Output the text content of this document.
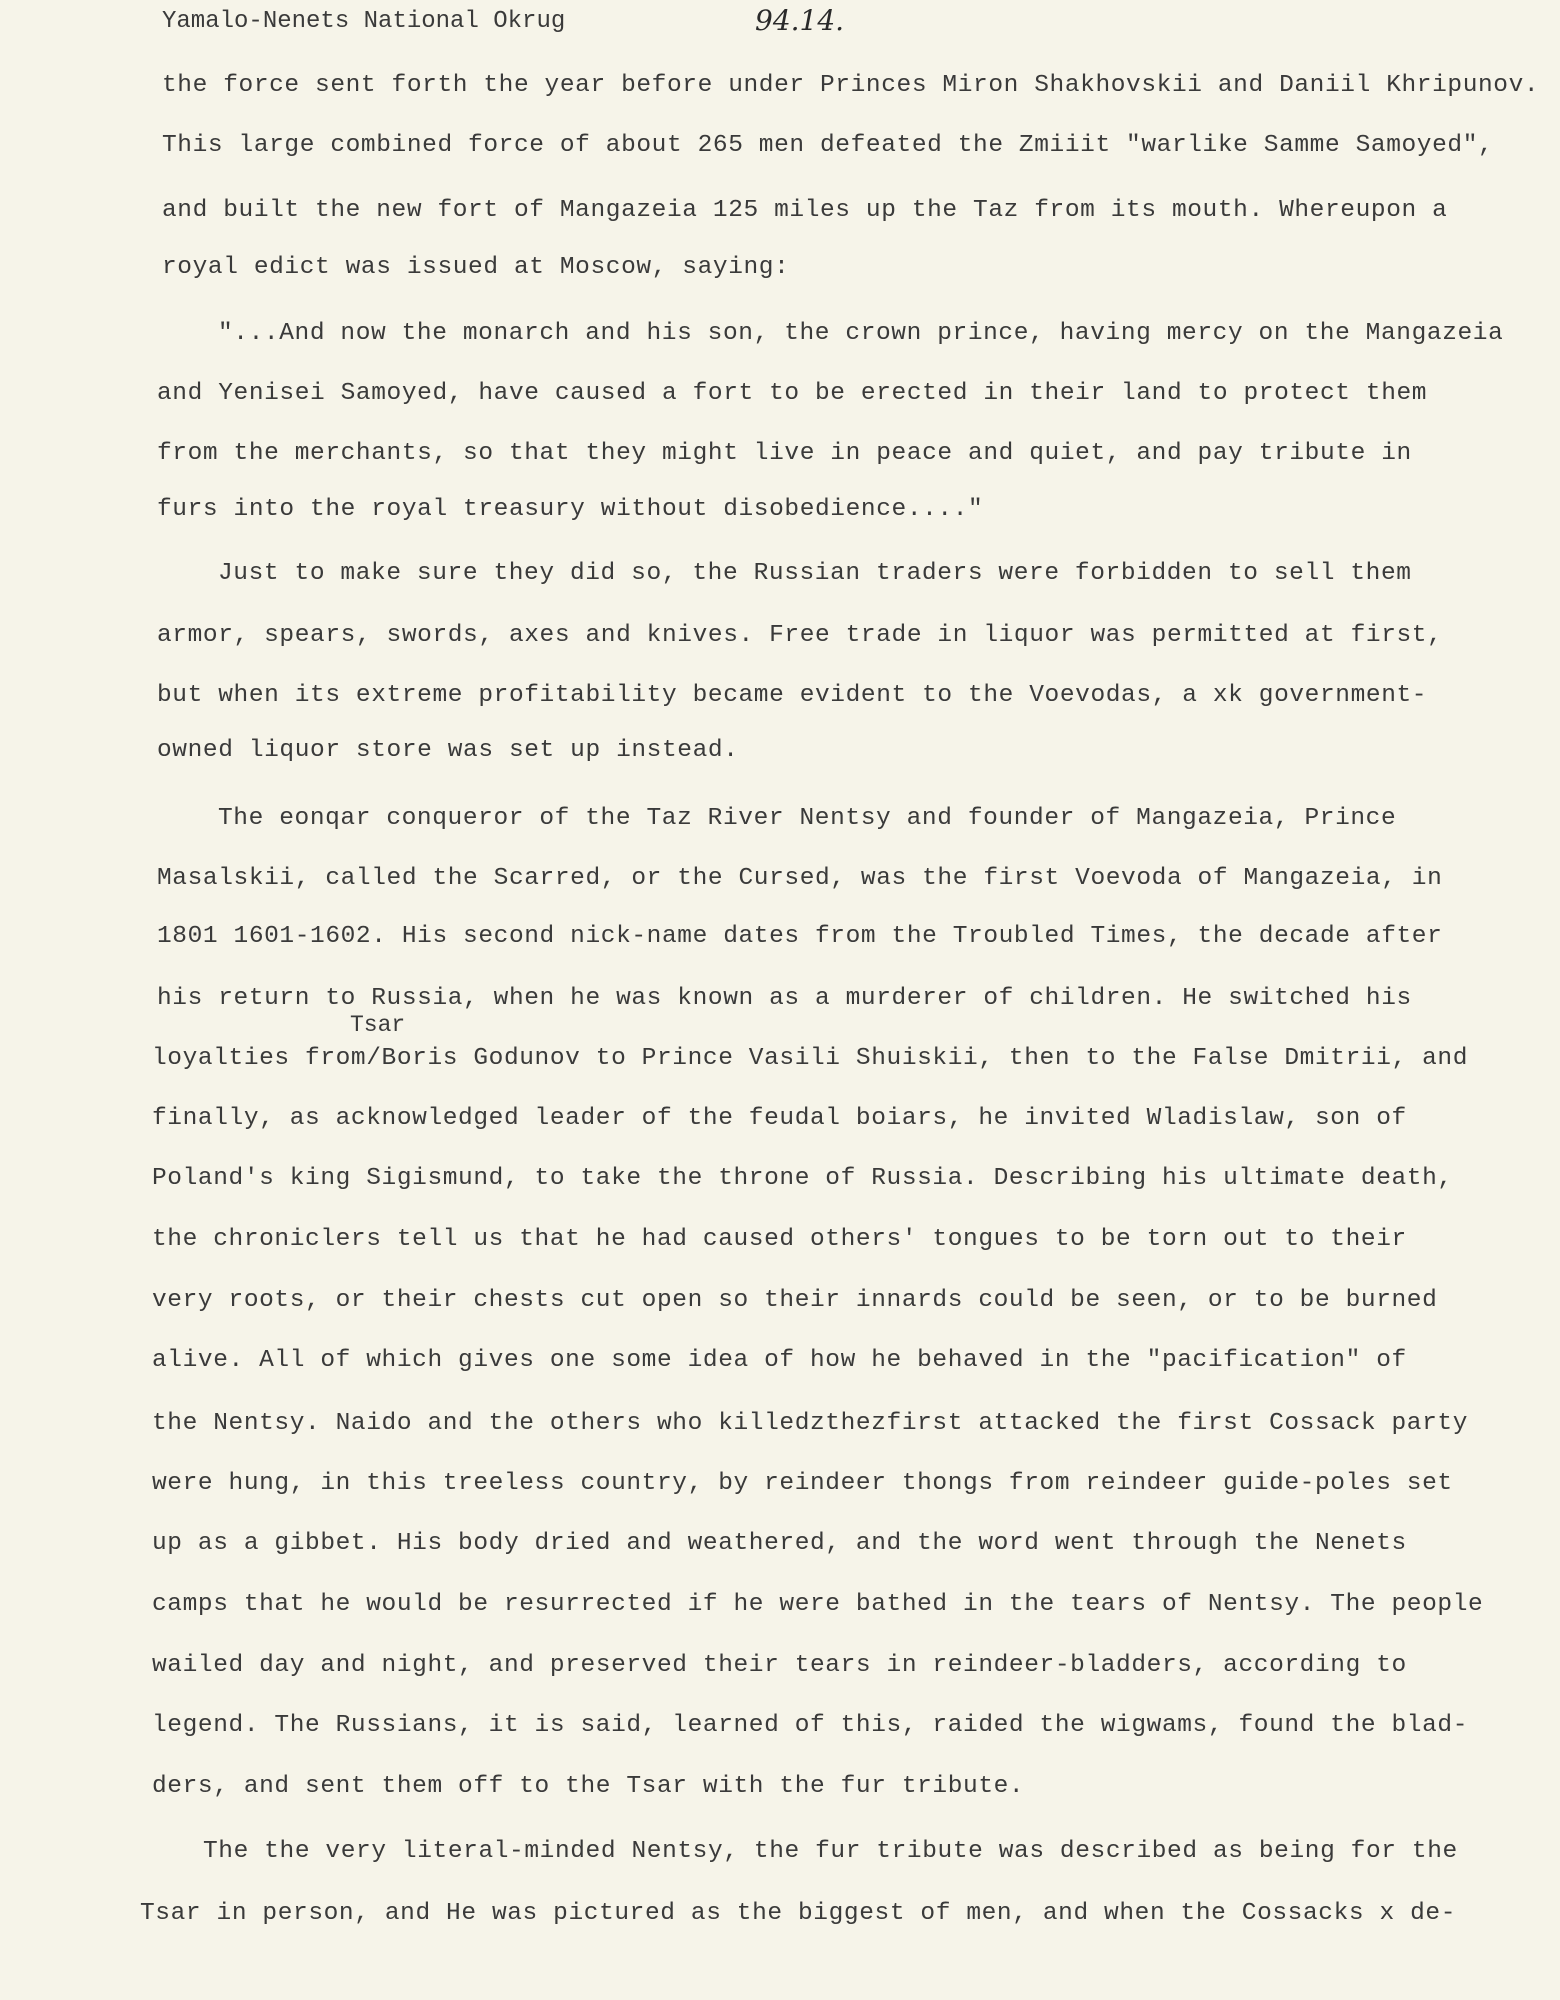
Yamalo-Nenets National Okrug	94.14.
the force sent forth the year before under Princes Miron Shakhovskii and Daniil Khripunov.
This large combined force of about 265 men defeated the Zmiiit "warlike Samme Samoyed",
and built the new fort of Mangazeia 125 miles up the Taz from its mouth. Whereupon a
royal edict was issued at Moscow, saying:
"...And now the monarch and his son, the crown prince, having mercy on the Mangazeia
and Yenisei Samoyed, have caused a fort to be erected in their land to protect them
from the merchants, so that they might live in peace and quiet, and pay tribute in
furs into the royal treasury without disobedience...."
Just to make sure they did so, the Russian traders were forbidden to sell them
armor, spears, swords, axes and knives. Free trade in liquor was permitted at first,
but when its extreme profitability became evident to the Voevodas, a xk government-
owned liquor store was set up instead.
The eonqar conqueror of the Taz River Nentsy and founder of Mangazeia, Prince
Masalskii, called the Scarred, or the Cursed, was the first Voevoda of Mangazeia, in
1801 1601-1602. His second nick-name dates from the Troubled Times, the decade after
his return to Russia, when he was known as a murderer of children. He switched his
Tsar
loyalties from/Boris Godunov to Prince Vasili Shuiskii, then to the False Dmitrii, and
finally, as acknowledged leader of the feudal boiars, he invited Wladislaw, son of
Poland's king Sigismund, to take the throne of Russia. Describing his ultimate death,
the chroniclers tell us that he had caused others' tongues to be torn out to their
very roots, or their chests cut open so their innards could be seen, or to be burned
alive. All of which gives one some idea of how he behaved in the "pacification" of
the Nentsy. Naido and the others who killedzthezfirst attacked the first Cossack party
were hung, in this treeless country, by reindeer thongs from reindeer guide-poles set
up as a gibbet. His body dried and weathered, and the word went through the Nenets
camps that he would be resurrected if he were bathed in the tears of Nentsy. The people
wailed day and night, and preserved their tears in reindeer-bladders, according to
legend. The Russians, it is said, learned of this, raided the wigwams, found the blad-
ders, and sent them off to the Tsar with the fur tribute.
The the very literal-minded Nentsy, the fur tribute was described as being for the
Tsar in person, and He was pictured as the biggest of men, and when the Cossacks x de-
